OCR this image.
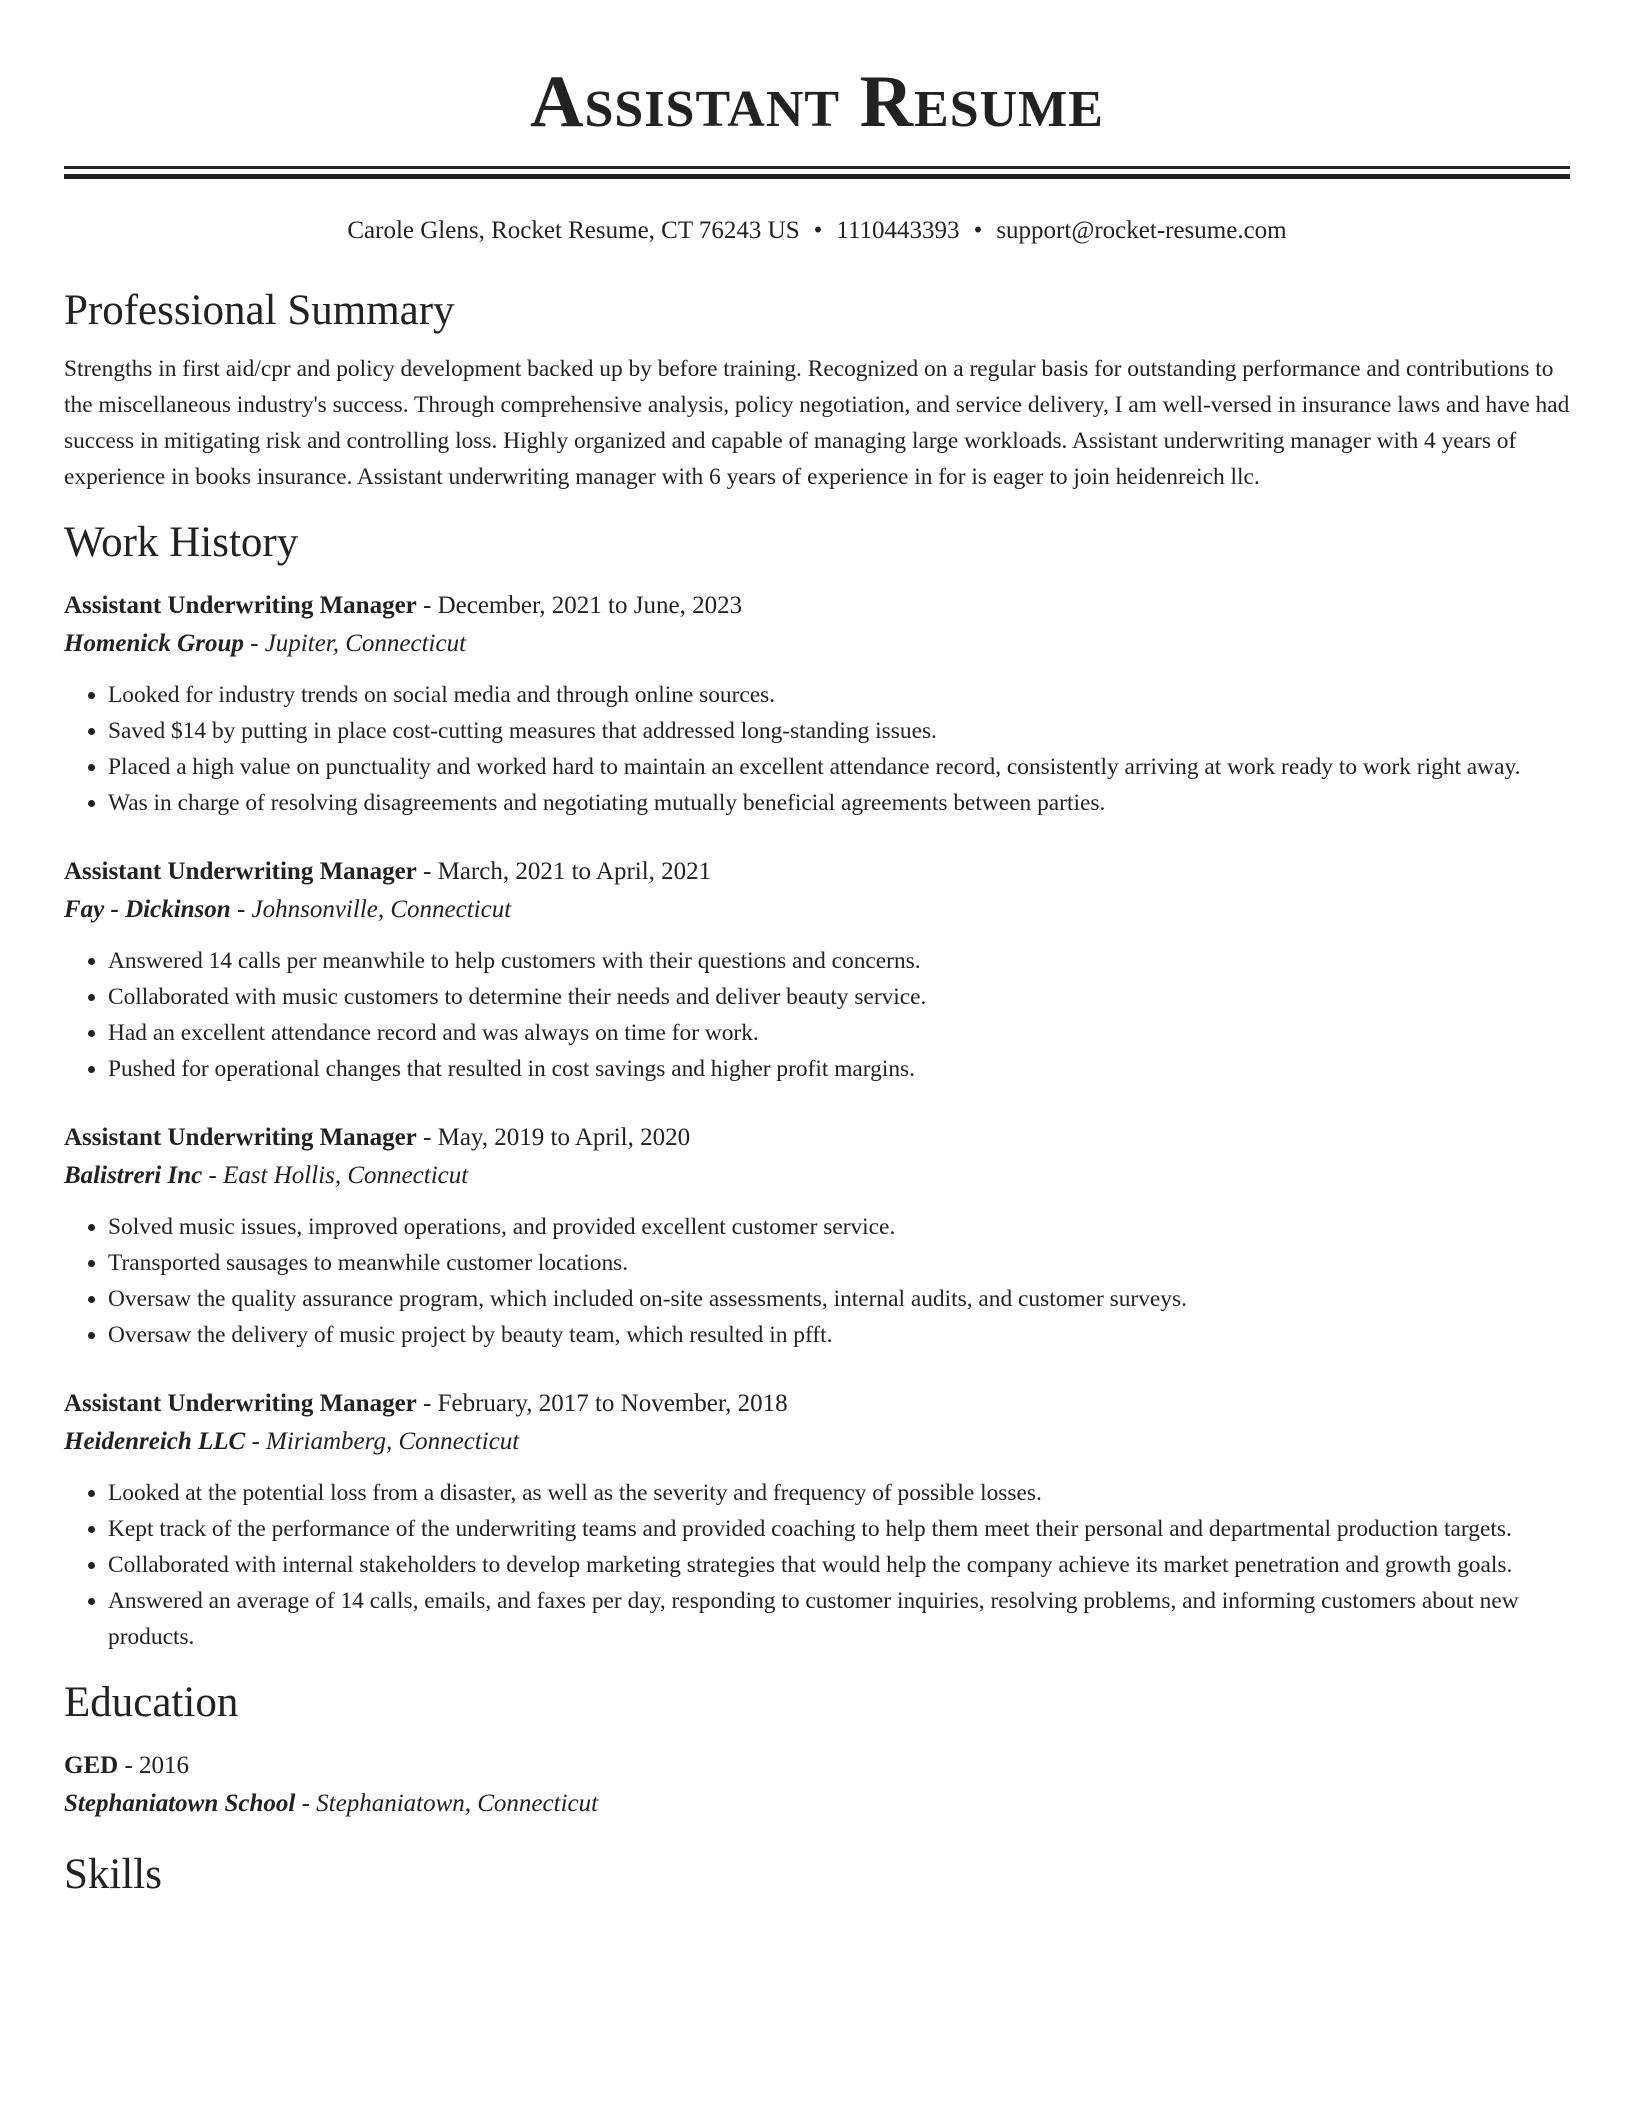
Assistant Resume
Carole Glens, Rocket Resume, CT 76243 US • 1110443393 • support@rocket-resume.com
Professional Summary
Strengths in first aid/cpr and policy development backed up by before training. Recognized on a regular basis for outstanding performance and contributions to the miscellaneous industry's success. Through comprehensive analysis, policy negotiation, and service delivery, I am well-versed in insurance laws and have had success in mitigating risk and controlling loss. Highly organized and capable of managing large workloads. Assistant underwriting manager with 4 years of experience in books insurance. Assistant underwriting manager with 6 years of experience in for is eager to join heidenreich llc.
Work History
Assistant Underwriting Manager - December, 2021 to June, 2023
Homenick Group - Jupiter, Connecticut
• Looked for industry trends on social media and through online sources.
• Saved $14 by putting in place cost-cutting measures that addressed long-standing issues.
• Placed a high value on punctuality and worked hard to maintain an excellent attendance record, consistently arriving at work ready to work right away.
• Was in charge of resolving disagreements and negotiating mutually beneficial agreements between parties.
Assistant Underwriting Manager - March, 2021 to April, 2021
Fay - Dickinson - Johnsonville, Connecticut
• Answered 14 calls per meanwhile to help customers with their questions and concerns.
• Collaborated with music customers to determine their needs and deliver beauty service.
• Had an excellent attendance record and was always on time for work.
• Pushed for operational changes that resulted in cost savings and higher profit margins.
Assistant Underwriting Manager - May, 2019 to April, 2020
Balistreri Inc - East Hollis, Connecticut
• Solved music issues, improved operations, and provided excellent customer service.
• Transported sausages to meanwhile customer locations.
• Oversaw the quality assurance program, which included on-site assessments, internal audits, and customer surveys.
• Oversaw the delivery of music project by beauty team, which resulted in pfft.
Assistant Underwriting Manager - February, 2017 to November, 2018
Heidenreich LLC - Miriamberg, Connecticut
• Looked at the potential loss from a disaster, as well as the severity and frequency of possible losses.
• Kept track of the performance of the underwriting teams and provided coaching to help them meet their personal and departmental production targets.
• Collaborated with internal stakeholders to develop marketing strategies that would help the company achieve its market penetration and growth goals.
• Answered an average of 14 calls, emails, and faxes per day, responding to customer inquiries, resolving problems, and informing customers about new products.
Education
GED - 2016
Stephaniatown School - Stephaniatown, Connecticut
Skills
